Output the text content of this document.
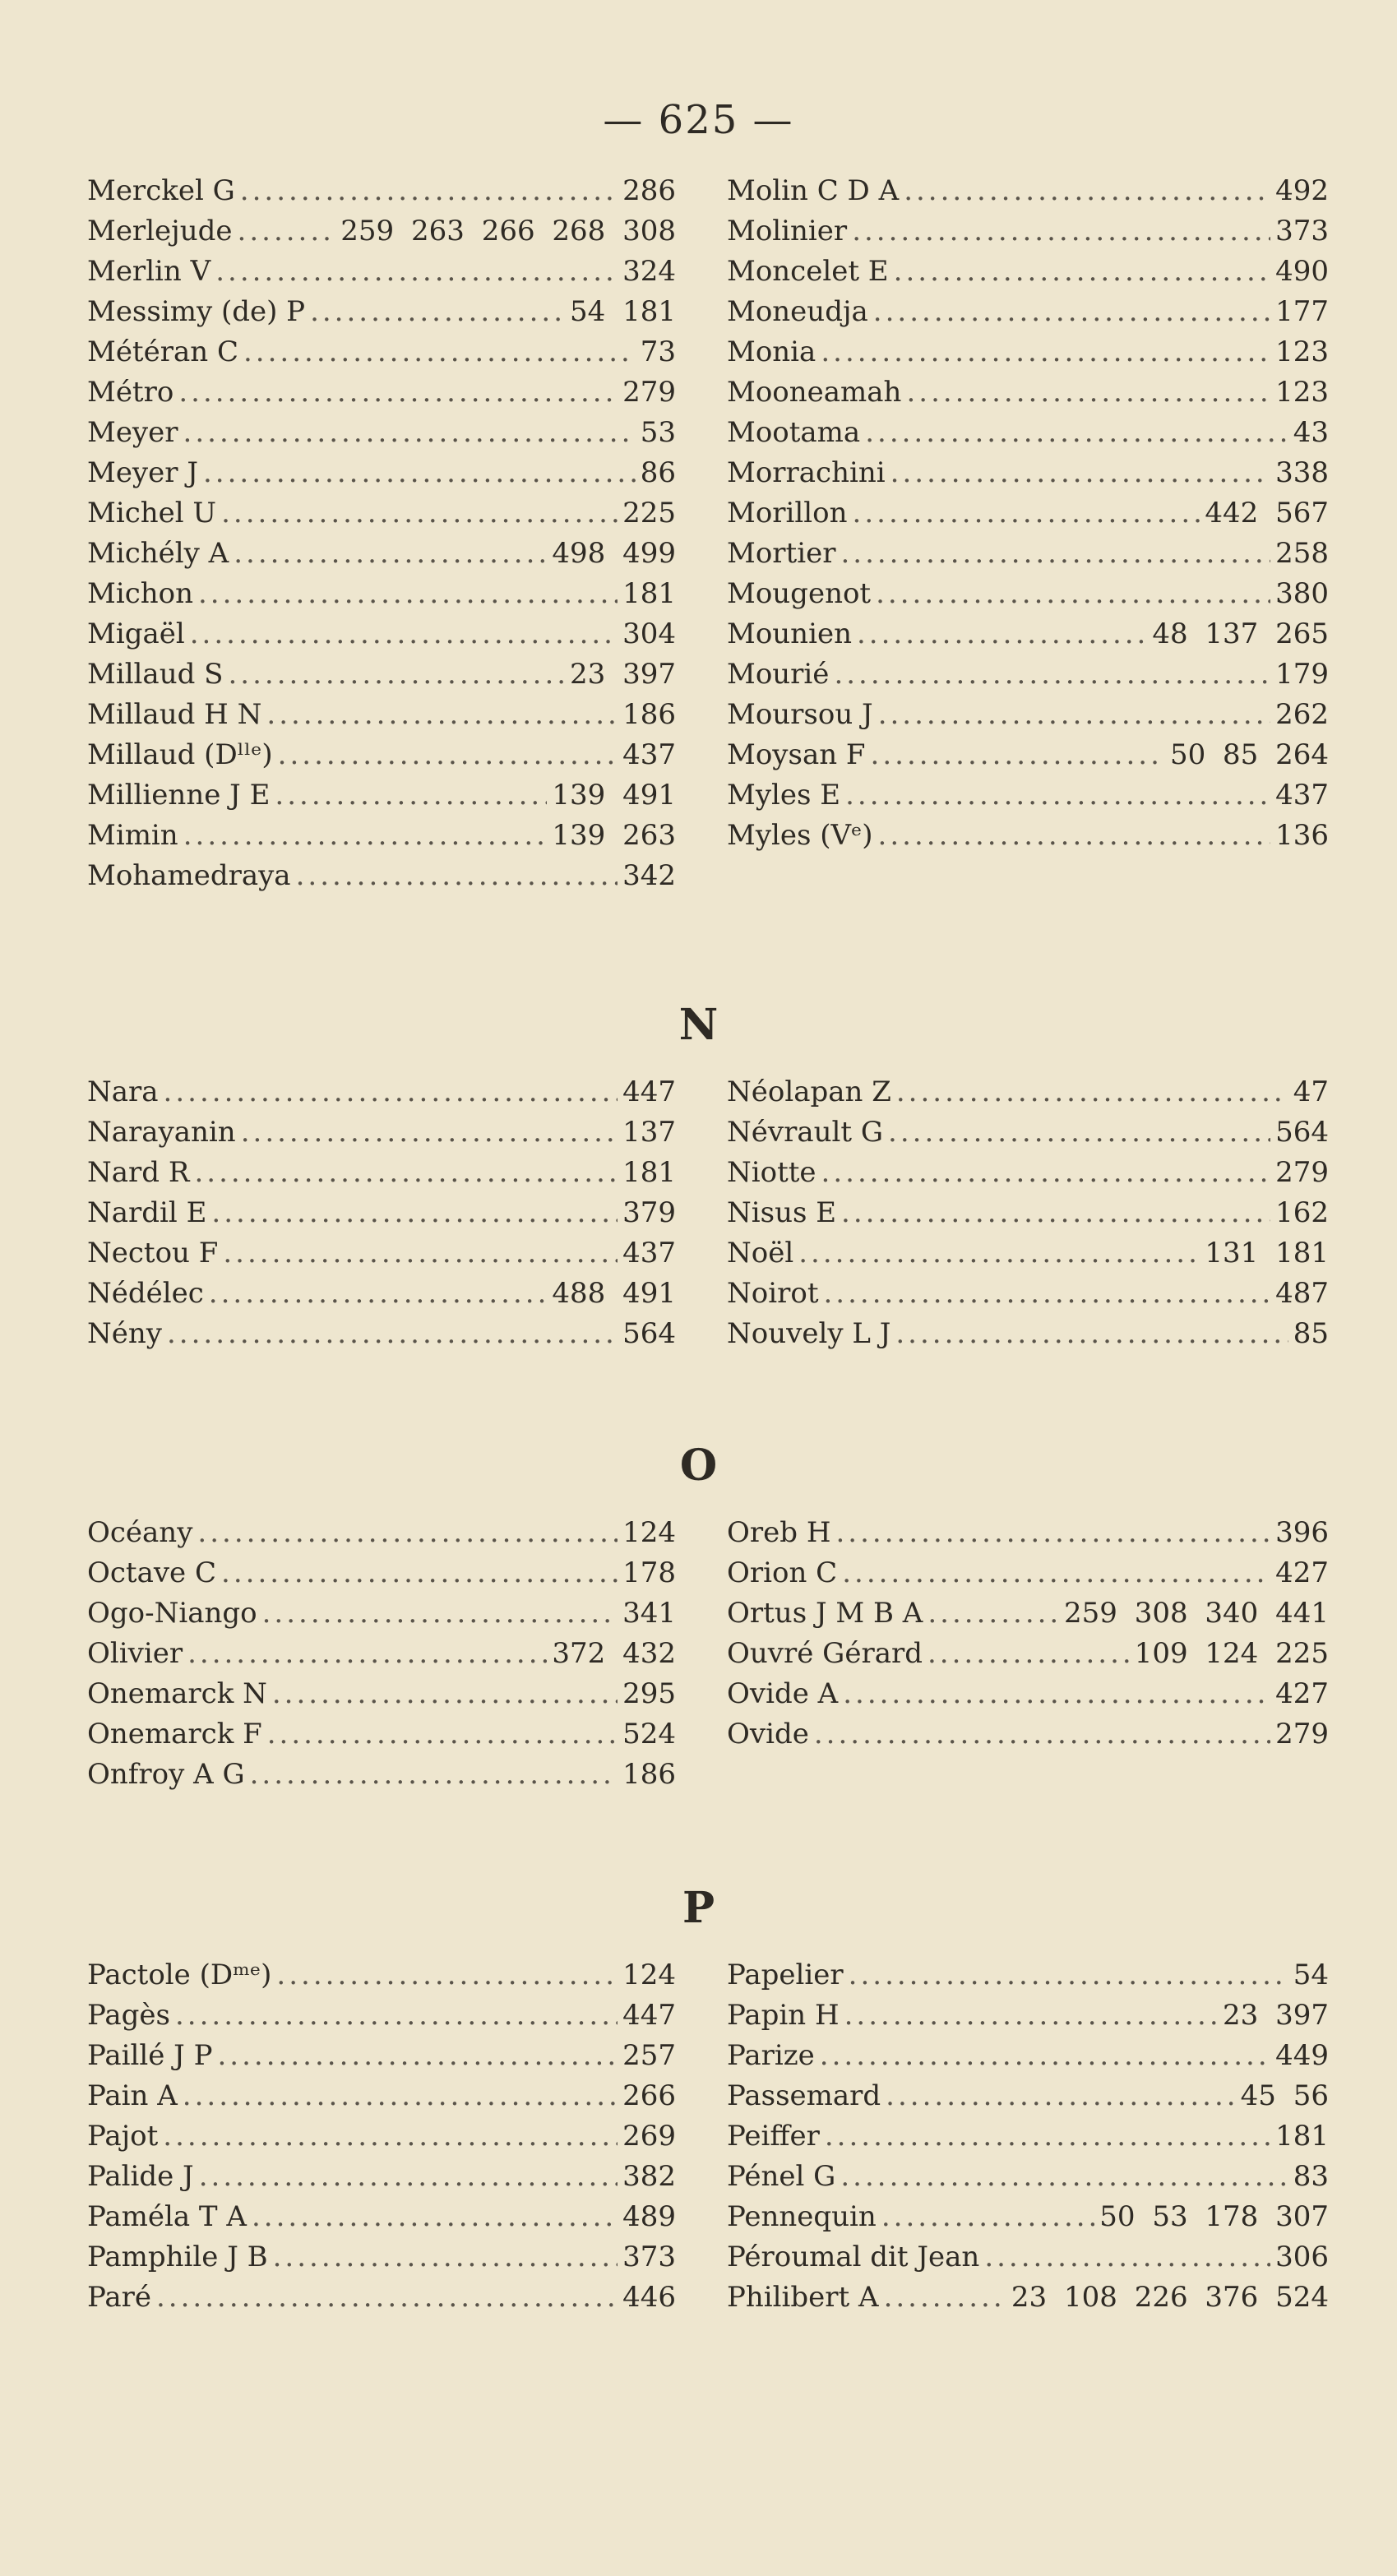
— 625 —
Merckel G .....	286
Merlejude .....	259 263 266 268 308
Merlin V .....	324
Messimy (de) P .....	54 181
Météran C .....	73
Métro .....	279
Meyer .....	53
Meyer J .....	86
Michel U .....	225
Michély A .....	498 499
Michon .....	181
Migaël .....	304
Millaud S .....	23 397
Millaud H N .....	186
Millaud (Dˡˡᵉ) .....	437
Millienne J E .....	139 491
Mimin .....	139 263
Mohamedraya .....	342
Molin C D A .....	492
Molinier .....	373
Moncelet E .....	490
Moneudja .....	177
Monia .....	123
Mooneamah .....	123
Mootama .....	43
Morrachini .....	338
Morillon .....	442 567
Mortier .....	258
Mougenot .....	380
Mounien .....	48 137 265
Mourié .....	179
Moursou J .....	262
Moysan F .....	50 85 264
Myles E .....	437
Myles (Vᵉ) .....	136
N
Nara .....	447
Narayanin .....	137
Nard R .....	181
Nardil E .....	379
Nectou F .....	437
Nédélec .....	488 491
Nény .....	564
Néolapan Z .....	47
Névrault G .....	564
Niotte .....	279
Nisus E .....	162
Noël .....	131 181
Noirot .....	487
Nouvely L J .....	85
O
Océany .....	124
Octave C .....	178
Ogo-Niango .....	341
Olivier .....	372 432
Onemarck N .....	295
Onemarck F .....	524
Onfroy A G .....	186
Oreb H .....	396
Orion C .....	427
Ortus J M B A .....	259 308 340 441
Ouvré Gérard .....	109 124 225
Ovide A .....	427
Ovide .....	279
P
Pactole (Dᵐᵉ) .....	124
Pagès .....	447
Paillé J P .....	257
Pain A .....	266
Pajot .....	269
Palide J .....	382
Paméla T A .....	489
Pamphile J B .....	373
Paré .....	446
Papelier .....	54
Papin H .....	23 397
Parize .....	449
Passemard .....	45 56
Peiffer .....	181
Pénel G .....	83
Pennequin .....	50 53 178 307
Péroumal dit Jean .....	306
Philibert A .....	23 108 226 376 524
